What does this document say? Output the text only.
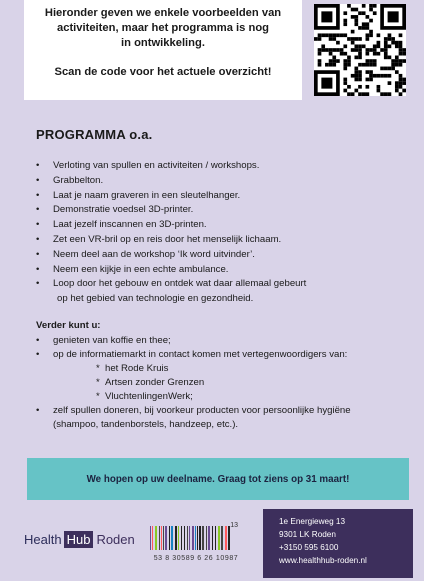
Hieronder geven we enkele voorbeelden van
activiteiten, maar het programma is nog
in ontwikkeling.
Scan de code voor het actuele overzicht!
PROGRAMMA o.a.
• Verloting van spullen en activiteiten / workshops.
• Grabbelton.
• Laat je naam graveren in een sleutelhanger.
• Demonstratie voedsel 3D-printer.
• Laat jezelf inscannen en 3D-printen.
• Zet een VR-bril op en reis door het menselijk lichaam.
• Neem deel aan de workshop ‘Ik word uitvinder’.
• Neem een kijkje in een echte ambulance.
• Loop door het gebouw en ontdek wat daar allemaal gebeurt
op het gebied van technologie en gezondheid.
Verder kunt u:
• genieten van koffie en thee;
• op de informatiemarkt in contact komen met vertegenwoordigers van:
* het Rode Kruis
* Artsen zonder Grenzen
* VluchtenlingenWerk;
• zelf spullen doneren, bij voorkeur producten voor persoonlijke hygiëne
(shampoo, tandenborstels, handzeep, etc.).
We hopen op uw deelname. Graag tot ziens op 31 maart!
Health Hub Roden
13
53 8 30589 6 26 10987
1e Energieweg 13
9301 LK Roden
+3150 595 6100
www.healthhub-roden.nl
